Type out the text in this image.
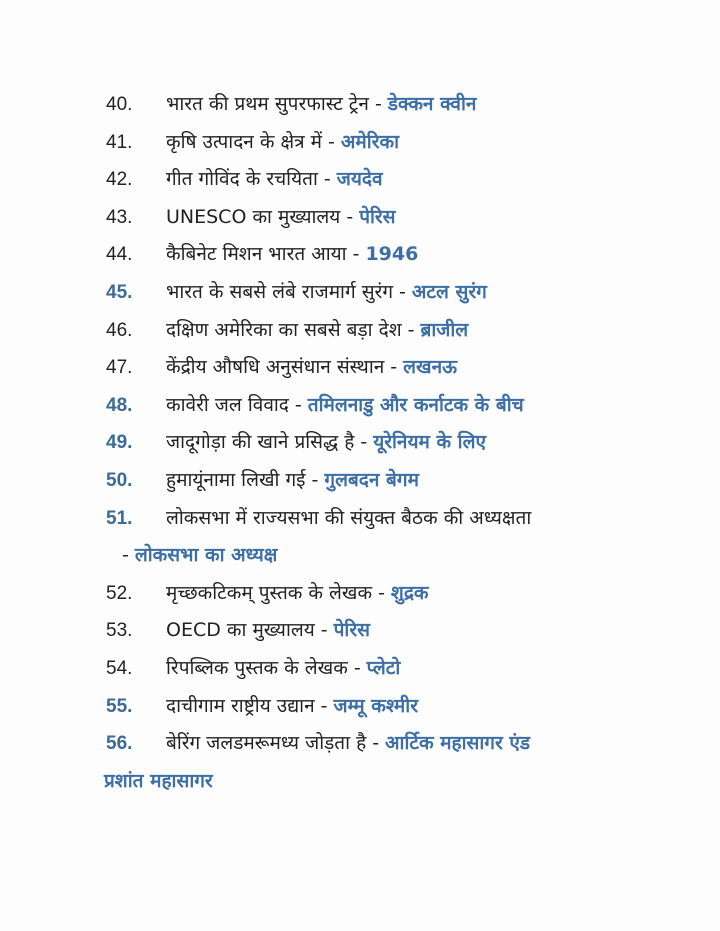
40.	भारत की प्रथम सुपरफास्ट ट्रेन - डेक्कन क्वीन
41.	कृषि उत्पादन के क्षेत्र में - अमेरिका
42.	गीत गोविंद के रचयिता - जयदेव
43.	UNESCO का मुख्यालय - पेरिस
44.	कैबिनेट मिशन भारत आया - 1946
45.	भारत के सबसे लंबे राजमार्ग सुरंग - अटल सुरंग
46.	दक्षिण अमेरिका का सबसे बड़ा देश - ब्राजील
47.	केंद्रीय औषधि अनुसंधान संस्थान - लखनऊ
48.	कावेरी जल विवाद - तमिलनाडु और कर्नाटक के बीच
49.	जादूगोड़ा की खाने प्रसिद्ध है - यूरेनियम के लिए
50.	हुमायूंनामा लिखी गई - गुलबदन बेगम
51.	लोकसभा में राज्यसभा की संयुक्त बैठक की अध्यक्षता
- लोकसभा का अध्यक्ष
52.	मृच्छकटिकम् पुस्तक के लेखक - शुद्रक
53.	OECD का मुख्यालय - पेरिस
54.	रिपब्लिक पुस्तक के लेखक - प्लेटो
55.	दाचीगाम राष्ट्रीय उद्यान - जम्मू कश्मीर
56.	बेरिंग जलडमरूमध्य जोड़ता है - आर्टिक महासागर एंड
प्रशांत महासागर
